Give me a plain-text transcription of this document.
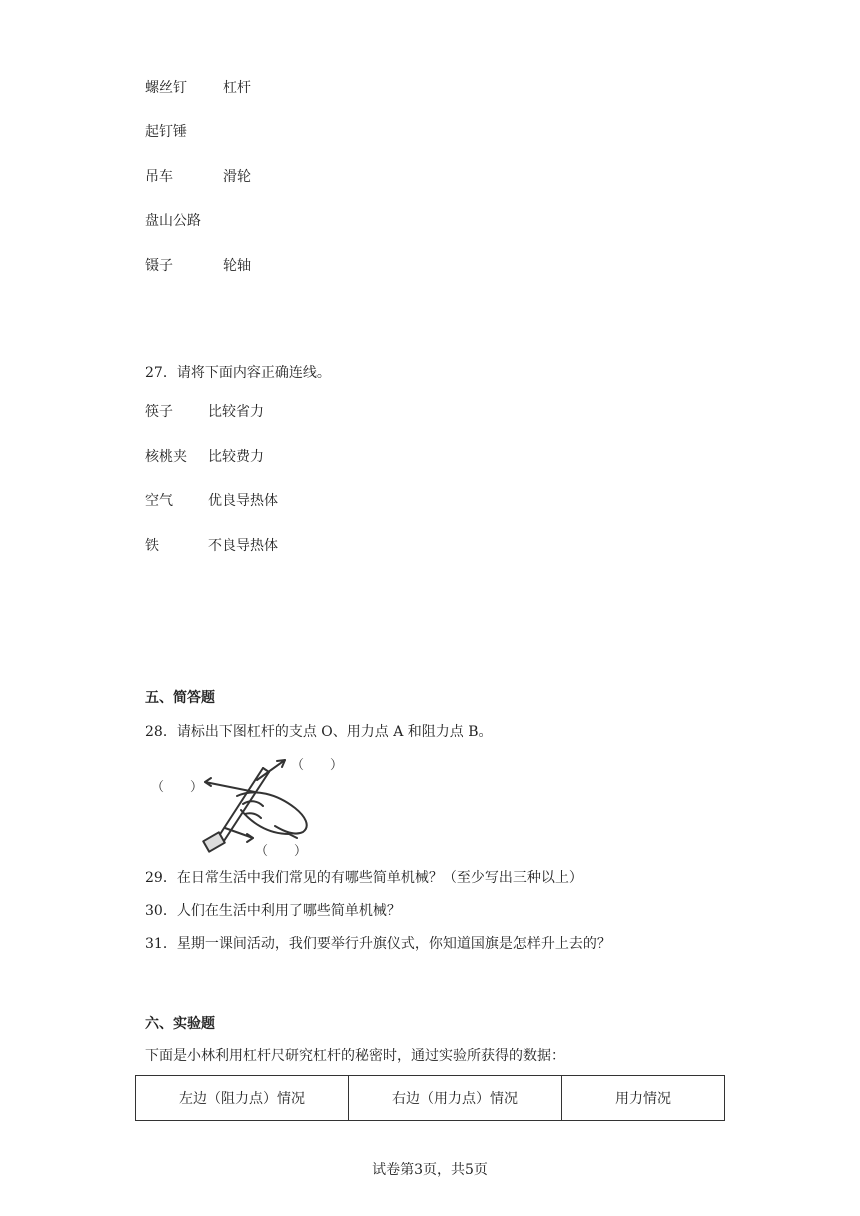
螺丝钉	杠杆
起钉锤
吊车	滑轮
盘山公路
镊子	轮轴
27．请将下面内容正确连线。
筷子	比较省力
核桃夹 比较费力
空气	优良导热体
铁	不良导热体
五、简答题
28．请标出下图杠杆的支点 O、用力点 A 和阻力点 B。
（　　）
（　　）
（　　）
29．在日常生活中我们常见的有哪些简单机械？（至少写出三种以上）
30．人们在生活中利用了哪些简单机械？
31．星期一课间活动，我们要举行升旗仪式，你知道国旗是怎样升上去的？
六、实验题
下面是小林利用杠杆尺研究杠杆的秘密时，通过实验所获得的数据：
左边（阻力点）情况	右边（用力点）情况	用力情况
试卷第3页，共5页
